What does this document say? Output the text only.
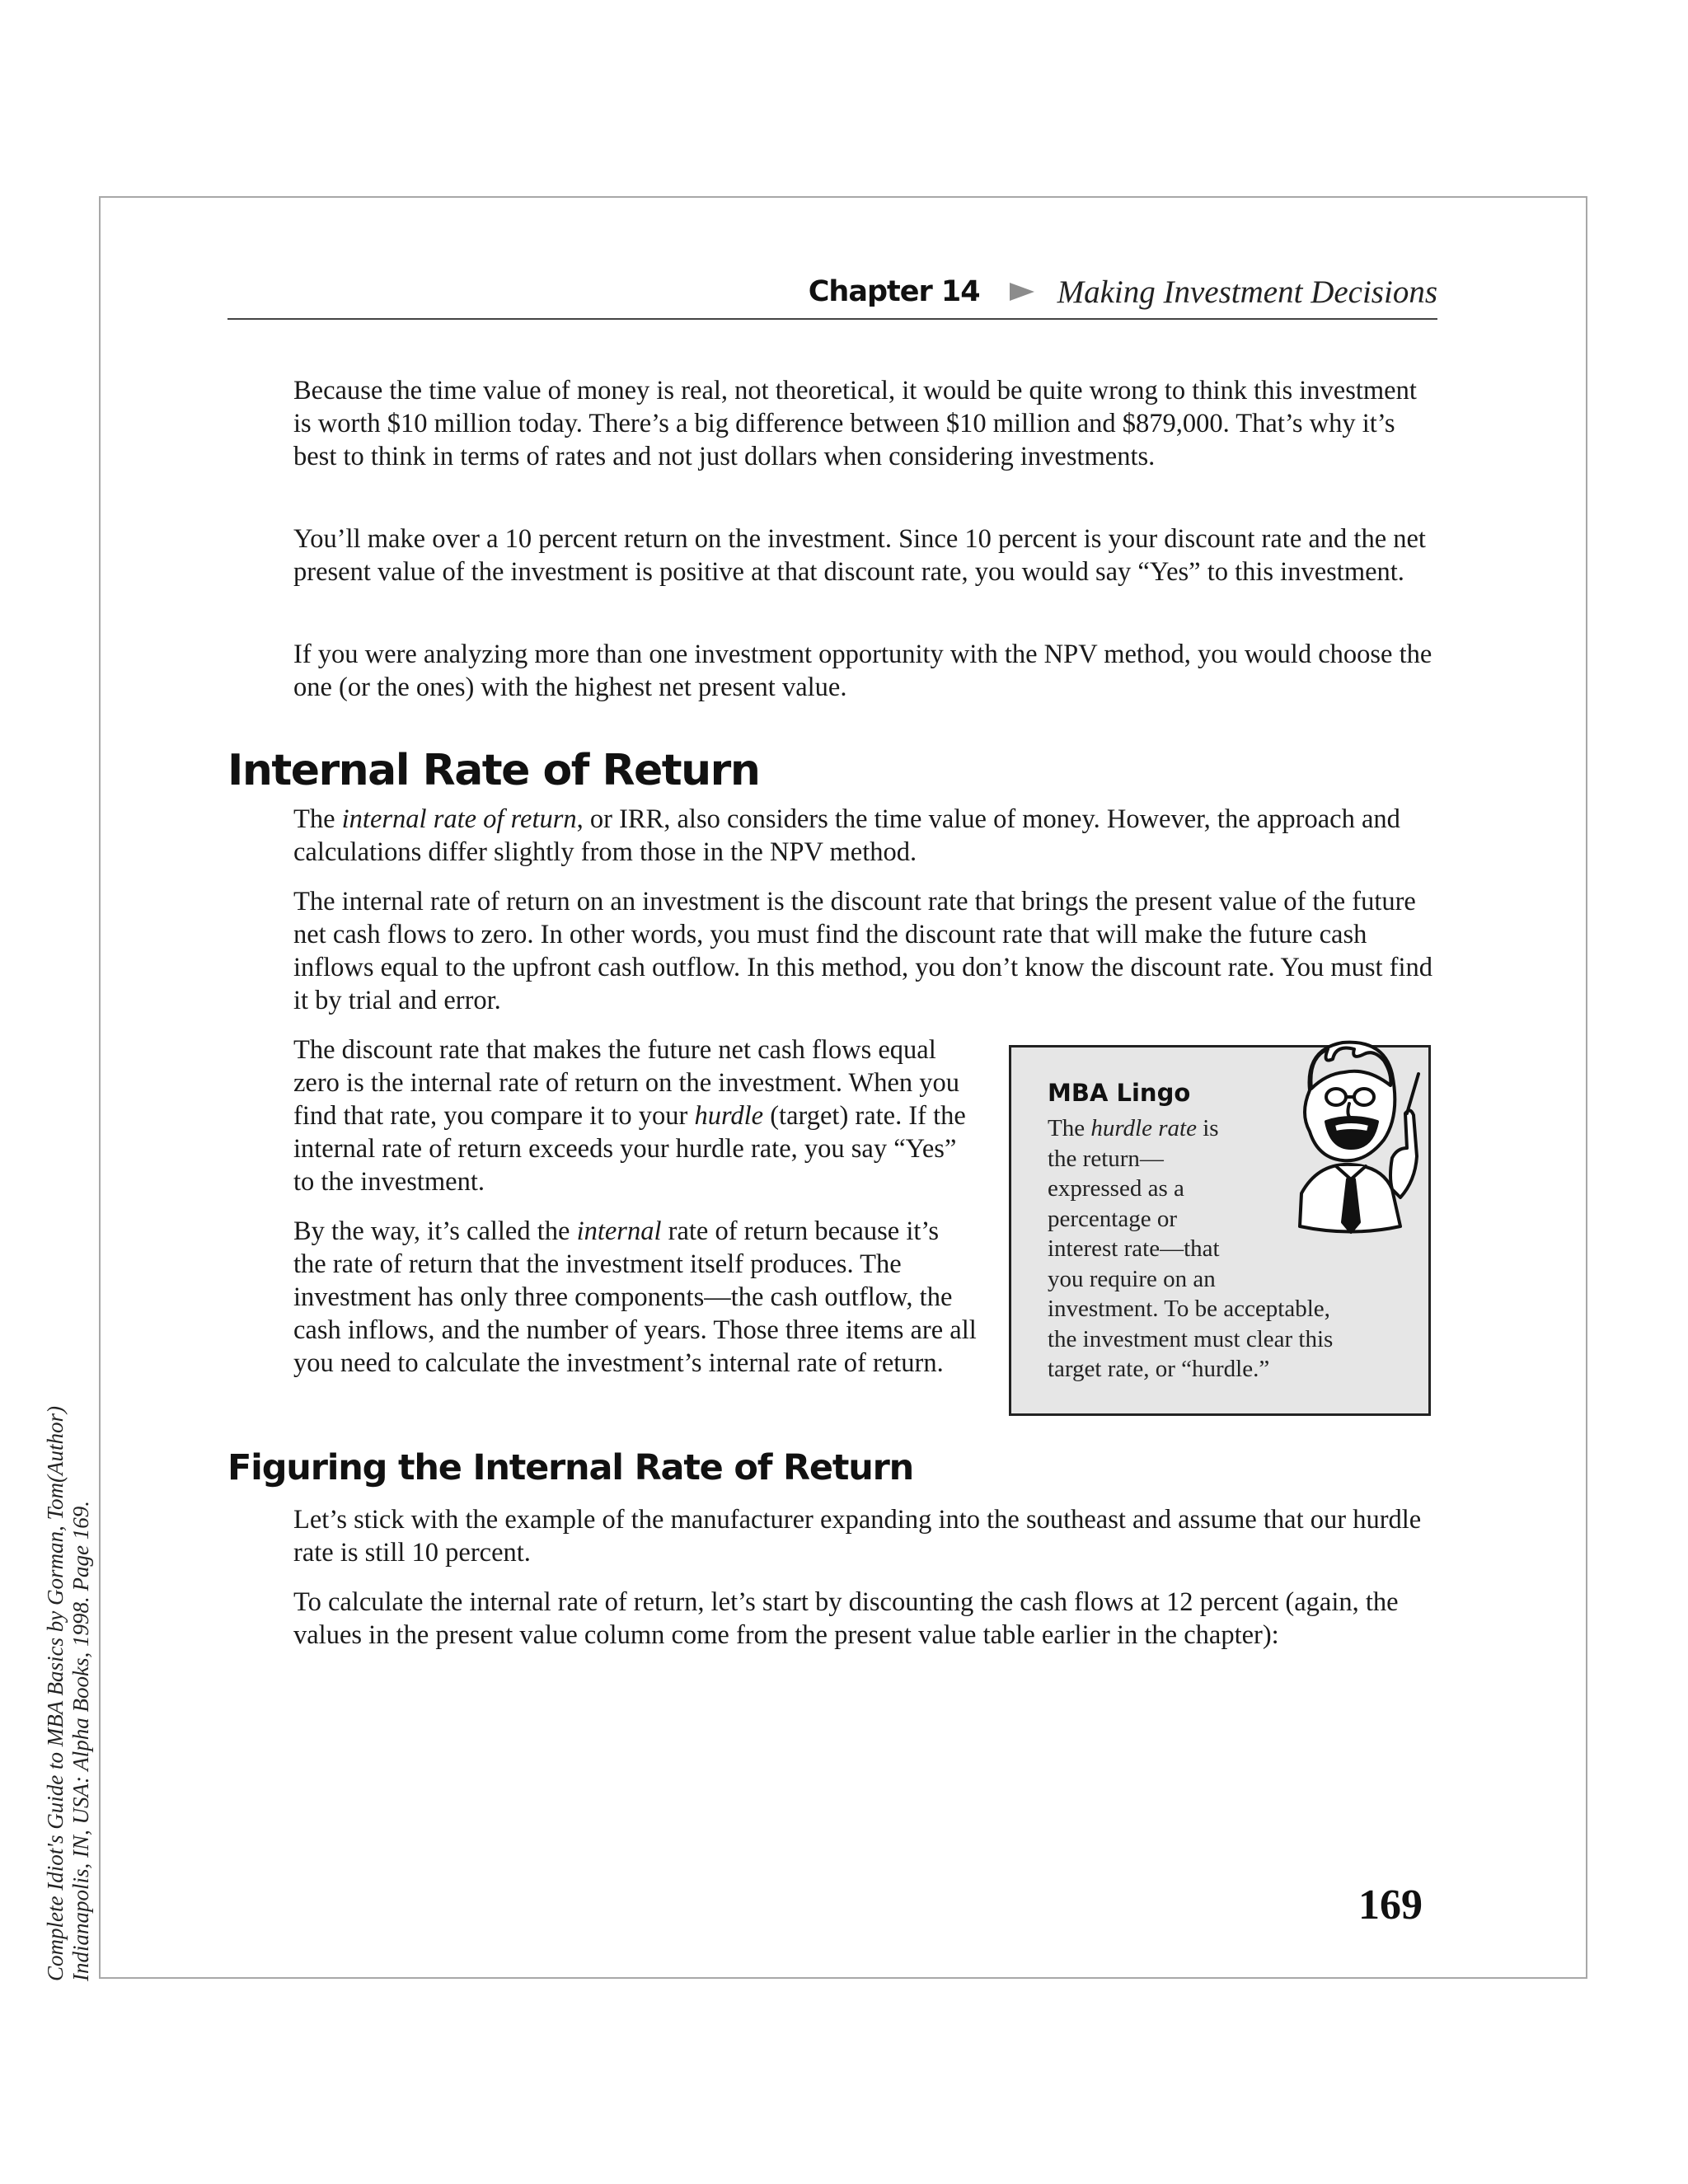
Complete Idiot's Guide to MBA Basics by Gorman, Tom(Author) Indianapolis, IN, USA: Alpha Books, 1998. Page 169.
Chapter 14 Making Investment Decisions

Because the time value of money is real, not theoretical, it would be quite wrong to think this investment is worth $10 million today. There’s a big difference between $10 million and $879,000. That’s why it’s best to think in terms of rates and not just dollars when considering investments.

You’ll make over a 10 percent return on the investment. Since 10 percent is your discount rate and the net present value of the investment is positive at that discount rate, you would say “Yes” to this investment.

If you were analyzing more than one investment opportunity with the NPV method, you would choose the one (or the ones) with the highest net present value.

Internal Rate of Return

The internal rate of return, or IRR, also considers the time value of money. However, the approach and calculations differ slightly from those in the NPV method.

The internal rate of return on an investment is the discount rate that brings the present value of the future net cash flows to zero. In other words, you must find the discount rate that will make the future cash inflows equal to the upfront cash outflow. In this method, you don’t know the discount rate. You must find it by trial and error.

The discount rate that makes the future net cash flows equal zero is the internal rate of return on the investment. When you find that rate, you compare it to your hurdle (target) rate. If the internal rate of return exceeds your hurdle rate, you say “Yes” to the investment.

By the way, it’s called the internal rate of return because it’s the rate of return that the investment itself produces. The investment has only three components—the cash outflow, the cash inflows, and the number of years. Those three items are all you need to calculate the investment’s internal rate of return.

MBA Lingo
The hurdle rate is
the return—
expressed as a
percentage or
interest rate—that
you require on an
investment. To be acceptable,
the investment must clear this
target rate, or “hurdle.”
Figuring the Internal Rate of Return

Let’s stick with the example of the manufacturer expanding into the southeast and assume that our hurdle rate is still 10 percent.

To calculate the internal rate of return, let’s start by discounting the cash flows at 12 percent (again, the values in the present value column come from the present value table earlier in the chapter):

169
